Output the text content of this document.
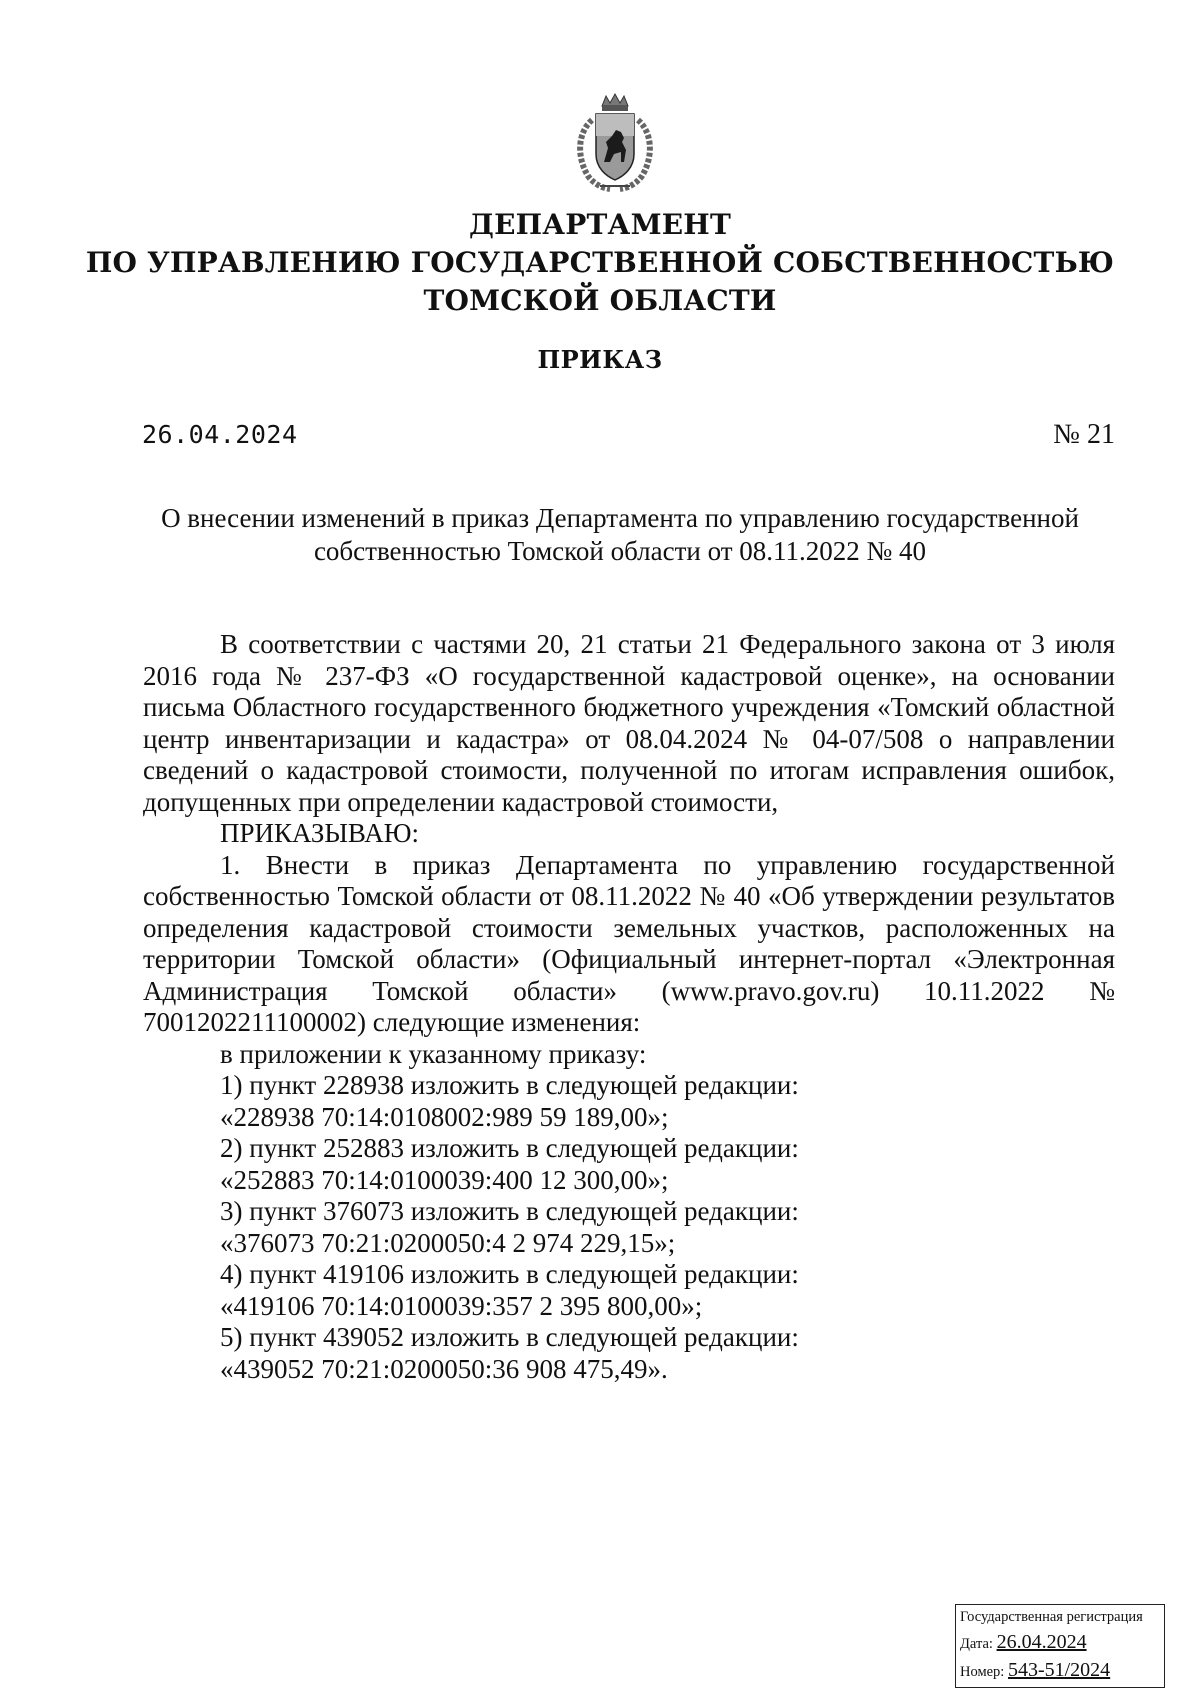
ДЕПАРТАМЕНТ
ПО УПРАВЛЕНИЮ ГОСУДАРСТВЕННОЙ СОБСТВЕННОСТЬЮ
ТОМСКОЙ ОБЛАСТИ
ПРИКАЗ
26.04.2024	№ 21
О внесении изменений в приказ Департамента по управлению государственной собственностью Томской области от 08.11.2022 № 40

В соответствии с частями 20, 21 статьи 21 Федерального закона от 3 июля 2016 года № 237-ФЗ «О государственной кадастровой оценке», на основании письма Областного государственного бюджетного учреждения «Томский областной центр инвентаризации и кадастра» от 08.04.2024 № 04-07/508 о направлении сведений о кадастровой стоимости, полученной по итогам исправления ошибок, допущенных при определении кадастровой стоимости,

ПРИКАЗЫВАЮ:

1. Внести в приказ Департамента по управлению государственной собственностью Томской области от 08.11.2022 № 40 «Об утверждении результатов определения кадастровой стоимости земельных участков, расположенных на территории Томской области» (Официальный интернет-портал «Электронная Администрация Томской области» (www.pravo.gov.ru) 10.11.2022 № 7001202211100002) следующие изменения:

в приложении к указанному приказу:

1) пункт 228938 изложить в следующей редакции:

«228938 70:14:0108002:989 59 189,00»;

2) пункт 252883 изложить в следующей редакции:

«252883 70:14:0100039:400 12 300,00»;

3) пункт 376073 изложить в следующей редакции:

«376073 70:21:0200050:4 2 974 229,15»;

4) пункт 419106 изложить в следующей редакции:

«419106 70:14:0100039:357 2 395 800,00»;

5) пункт 439052 изложить в следующей редакции:

«439052 70:21:0200050:36 908 475,49».

Государственная регистрация
Дата: 26.04.2024
Номер: 543-51/2024
